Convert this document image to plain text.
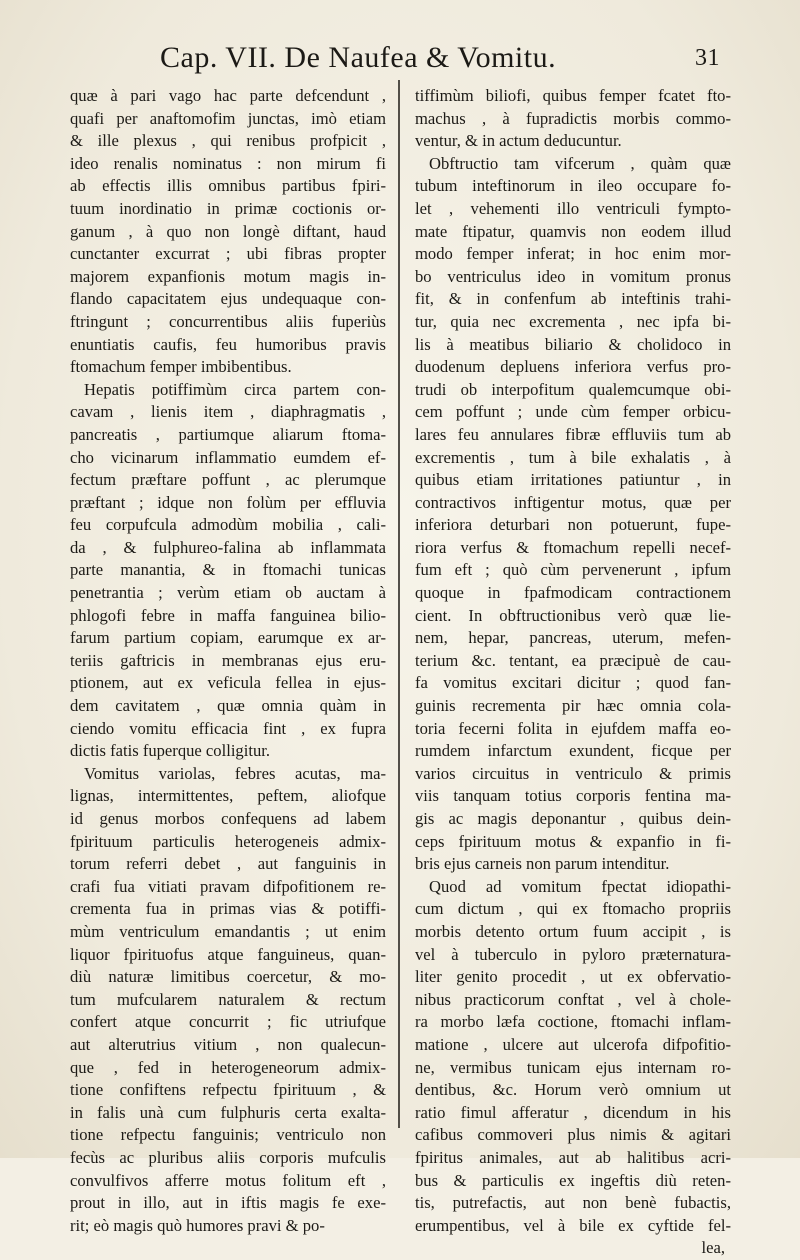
Cap. VII. De Naufea & Vomitu.	31
quæ à pari vago hac parte defcendunt ,
quafi per anaftomofim junctas, imò etiam
& ille plexus , qui renibus profpicit ,
ideo renalis nominatus : non mirum fi
ab effectis illis omnibus partibus fpiri-
tuum inordinatio in primæ coctionis or-
ganum , à quo non longè diftant, haud
cunctanter excurrat ; ubi fibras propter
majorem expanfionis motum magis in-
flando capacitatem ejus undequaque con-
ftringunt ; concurrentibus aliis fuperiùs
enuntiatis caufis, feu humoribus pravis
ftomachum femper imbibentibus.
Hepatis potiffimùm circa partem con-
cavam , lienis item , diaphragmatis ,
pancreatis , partiumque aliarum ftoma-
cho vicinarum inflammatio eumdem ef-
fectum præftare poffunt , ac plerumque
præftant ; idque non folùm per effluvia
feu corpufcula admodùm mobilia , cali-
da , & fulphureo-falina ab inflammata
parte manantia, & in ftomachi tunicas
penetrantia ; verùm etiam ob auctam à
phlogofi febre in maffa fanguinea bilio-
farum partium copiam, earumque ex ar-
teriis gaftricis in membranas ejus eru-
ptionem, aut ex veficula fellea in ejus-
dem cavitatem , quæ omnia quàm in
ciendo vomitu efficacia fint , ex fupra
dictis fatis fuperque colligitur.
Vomitus variolas, febres acutas, ma-
lignas, intermittentes, peftem, aliofque
id genus morbos confequens ad labem
fpirituum particulis heterogeneis admix-
torum referri debet , aut fanguinis in
crafi fua vitiati pravam difpofitionem re-
crementa fua in primas vias & potiffi-
mùm ventriculum emandantis ; ut enim
liquor fpirituofus atque fanguineus, quan-
diù naturæ limitibus coercetur, & mo-
tum mufcularem naturalem & rectum
confert atque concurrit ; fic utriufque
aut alterutrius vitium , non qualecun-
que , fed in heterogeneorum admix-
tione confiftens refpectu fpirituum , &
in falis unà cum fulphuris certa exalta-
tione refpectu fanguinis; ventriculo non
fecùs ac pluribus aliis corporis mufculis
convulfivos afferre motus folitum eft ,
prout in illo, aut in iftis magis fe exe-
rit; eò magis quò humores pravi & po-
tiffimùm biliofi, quibus femper fcatet fto-
machus , à fupradictis morbis commo-
ventur, & in actum deducuntur.
Obftructio tam vifcerum , quàm quæ
tubum inteftinorum in ileo occupare fo-
let , vehementi illo ventriculi fympto-
mate ftipatur, quamvis non eodem illud
modo femper inferat; in hoc enim mor-
bo ventriculus ideo in vomitum pronus
fit, & in confenfum ab inteftinis trahi-
tur, quia nec excrementa , nec ipfa bi-
lis à meatibus biliario & cholidoco in
duodenum depluens inferiora verfus pro-
trudi ob interpofitum qualemcumque obi-
cem poffunt ; unde cùm femper orbicu-
lares feu annulares fibræ effluviis tum ab
excrementis , tum à bile exhalatis , à
quibus etiam irritationes patiuntur , in
contractivos inftigentur motus, quæ per
inferiora deturbari non potuerunt, fupe-
riora verfus & ftomachum repelli necef-
fum eft ; quò cùm pervenerunt , ipfum
quoque in fpafmodicam contractionem
cient. In obftructionibus verò quæ lie-
nem, hepar, pancreas, uterum, mefen-
terium &c. tentant, ea præcipuè de cau-
fa vomitus excitari dicitur ; quod fan-
guinis recrementa pir hæc omnia cola-
toria fecerni folita in ejufdem maffa eo-
rumdem infarctum exundent, ficque per
varios circuitus in ventriculo & primis
viis tanquam totius corporis fentina ma-
gis ac magis deponantur , quibus dein-
ceps fpirituum motus & expanfio in fi-
bris ejus carneis non parum intenditur.
Quod ad vomitum fpectat idiopathi-
cum dictum , qui ex ftomacho propriis
morbis detento ortum fuum accipit , is
vel à tuberculo in pyloro præternatura-
liter genito procedit , ut ex obfervatio-
nibus practicorum conftat , vel à chole-
ra morbo læfa coctione, ftomachi inflam-
matione , ulcere aut ulcerofa difpofitio-
ne, vermibus tunicam ejus internam ro-
dentibus, &c. Horum verò omnium ut
ratio fimul afferatur , dicendum in his
cafibus commoveri plus nimis & agitari
fpiritus animales, aut ab halitibus acri-
bus & particulis ex ingeftis diù reten-
tis, putrefactis, aut non benè fubactis,
erumpentibus, vel à bile ex cyftide fel-
lea,
